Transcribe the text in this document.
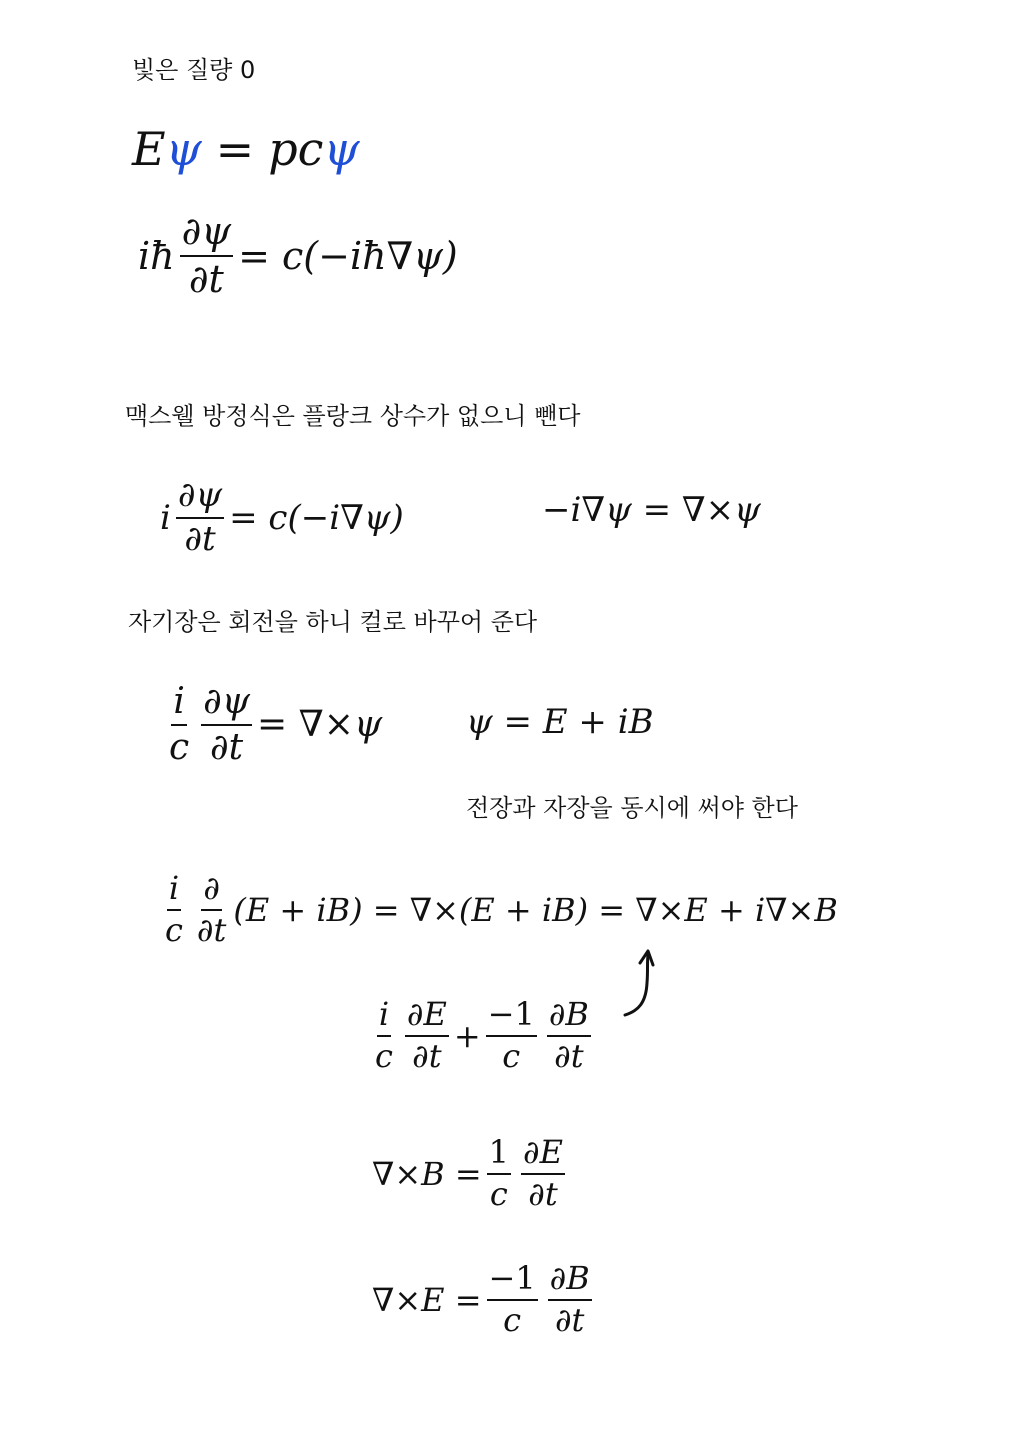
빛은 질량 0
E ψ = pc ψ
iħ $\frac{\partial\psi}{\partial t}$ = c(−iħ∇ψ)
맥스웰 방정식은 플랑크 상수가 없으니 뺀다
i $\frac{\partial\psi}{\partial t} = c(-i\nabla\psi)$	−i∇ψ = ∇×ψ
자기장은 회전을 하니 컬로 바꾸어 준다
$\frac{i}{c} \frac{\partial\psi}{\partial t} = \nabla\times\psi$ ψ = E + iB
전장과 자장을 동시에 써야 한다
$\frac{i}{c} \frac{\partial}{\partial t} (E + iB) = \nabla\times(E + iB) = \nabla\times E + i\nabla\times B$
$\frac{i}{c} \frac{\partial E}{\partial t} + \frac{-1}{c} \frac{\partial B}{\partial t}$
$\nabla\times B = \frac{1}{c} \frac{\partial E}{\partial t}$
$\nabla\times E = \frac{-1}{c} \frac{\partial B}{\partial t}$
